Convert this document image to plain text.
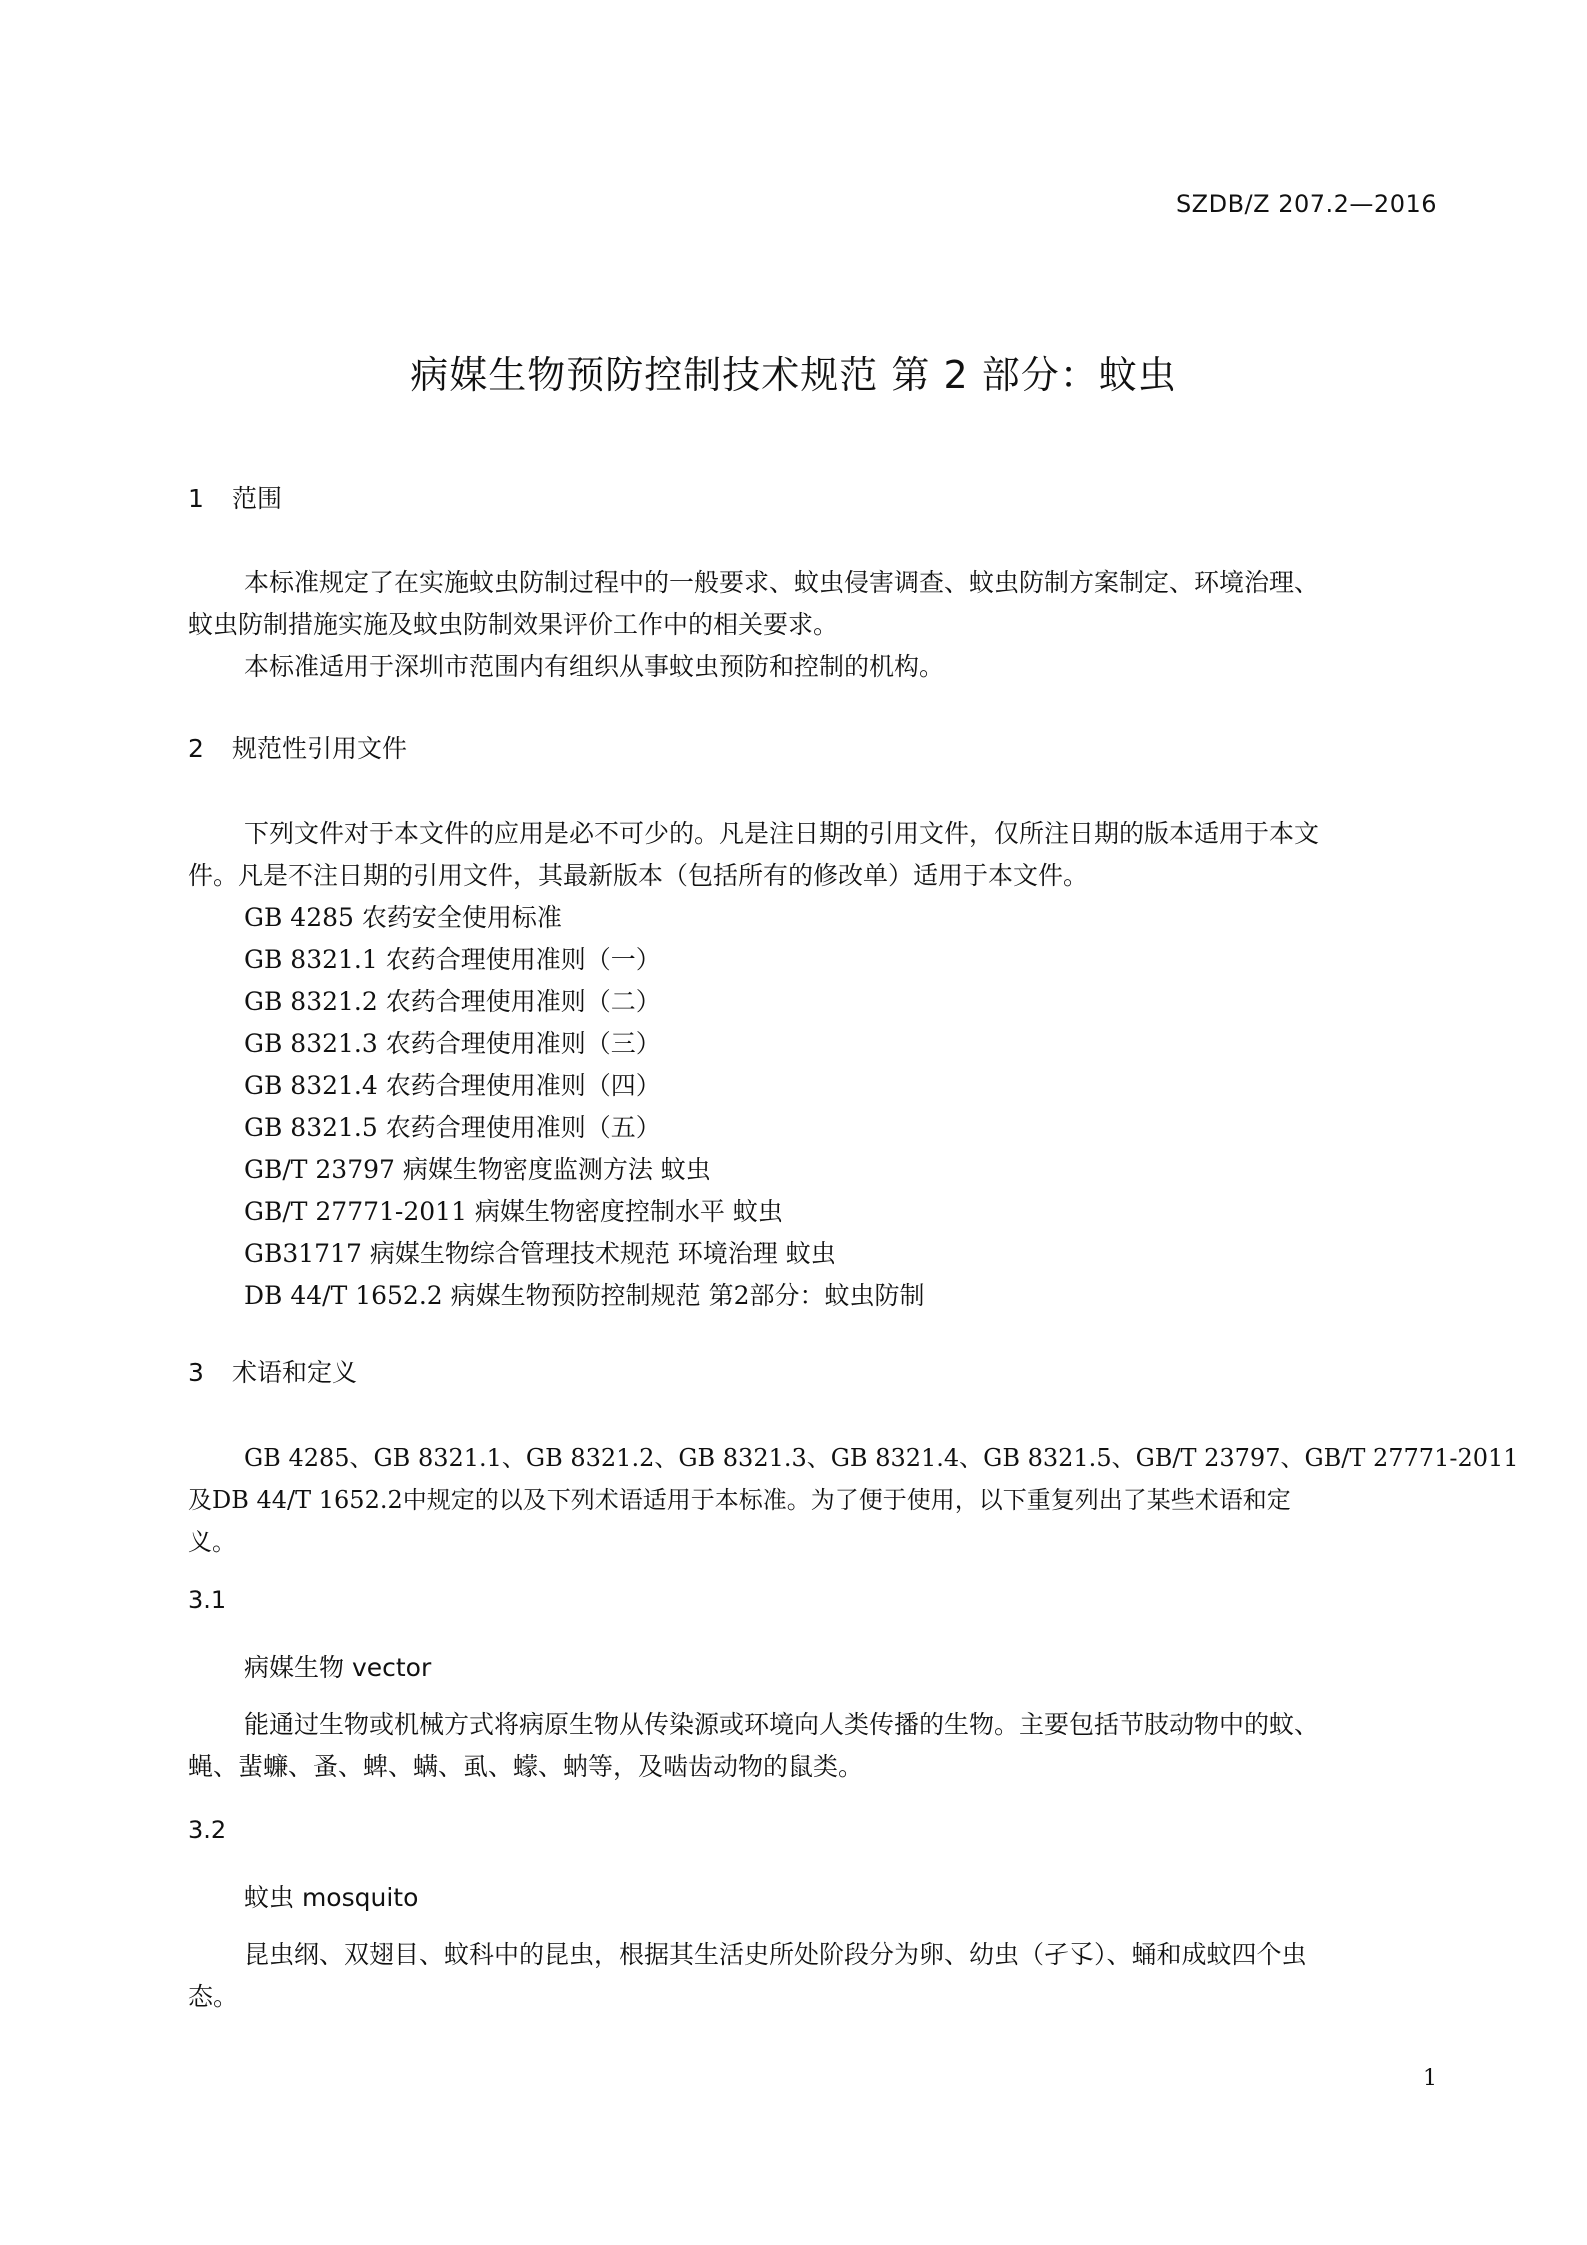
SZDB/Z 207.2—2016
病媒生物预防控制技术规范 第 2 部分：蚊虫
1 范围
本标准规定了在实施蚊虫防制过程中的一般要求、蚊虫侵害调查、蚊虫防制方案制定、环境治理、
蚊虫防制措施实施及蚊虫防制效果评价工作中的相关要求。
本标准适用于深圳市范围内有组织从事蚊虫预防和控制的机构。
2 规范性引用文件
下列文件对于本文件的应用是必不可少的。凡是注日期的引用文件，仅所注日期的版本适用于本文
件。凡是不注日期的引用文件，其最新版本（包括所有的修改单）适用于本文件。
GB 4285 农药安全使用标准
GB 8321.1 农药合理使用准则（一）
GB 8321.2 农药合理使用准则（二）
GB 8321.3 农药合理使用准则（三）
GB 8321.4 农药合理使用准则（四）
GB 8321.5 农药合理使用准则（五）
GB/T 23797 病媒生物密度监测方法 蚊虫
GB/T 27771-2011 病媒生物密度控制水平 蚊虫
GB31717 病媒生物综合管理技术规范 环境治理 蚊虫
DB 44/T 1652.2 病媒生物预防控制规范 第2部分：蚊虫防制
3 术语和定义
GB 4285、GB 8321.1、GB 8321.2、GB 8321.3、GB 8321.4、GB 8321.5、GB/T 23797、GB/T 27771-2011
及DB 44/T 1652.2中规定的以及下列术语适用于本标准。为了便于使用，以下重复列出了某些术语和定
义。
3.1
病媒生物 vector
能通过生物或机械方式将病原生物从传染源或环境向人类传播的生物。主要包括节肢动物中的蚊、
蝇、蜚蠊、蚤、蜱、螨、虱、蠓、蚋等，及啮齿动物的鼠类。
3.2
蚊虫 mosquito
昆虫纲、双翅目、蚊科中的昆虫，根据其生活史所处阶段分为卵、幼虫（孑孓）、蛹和成蚊四个虫
态。
1
